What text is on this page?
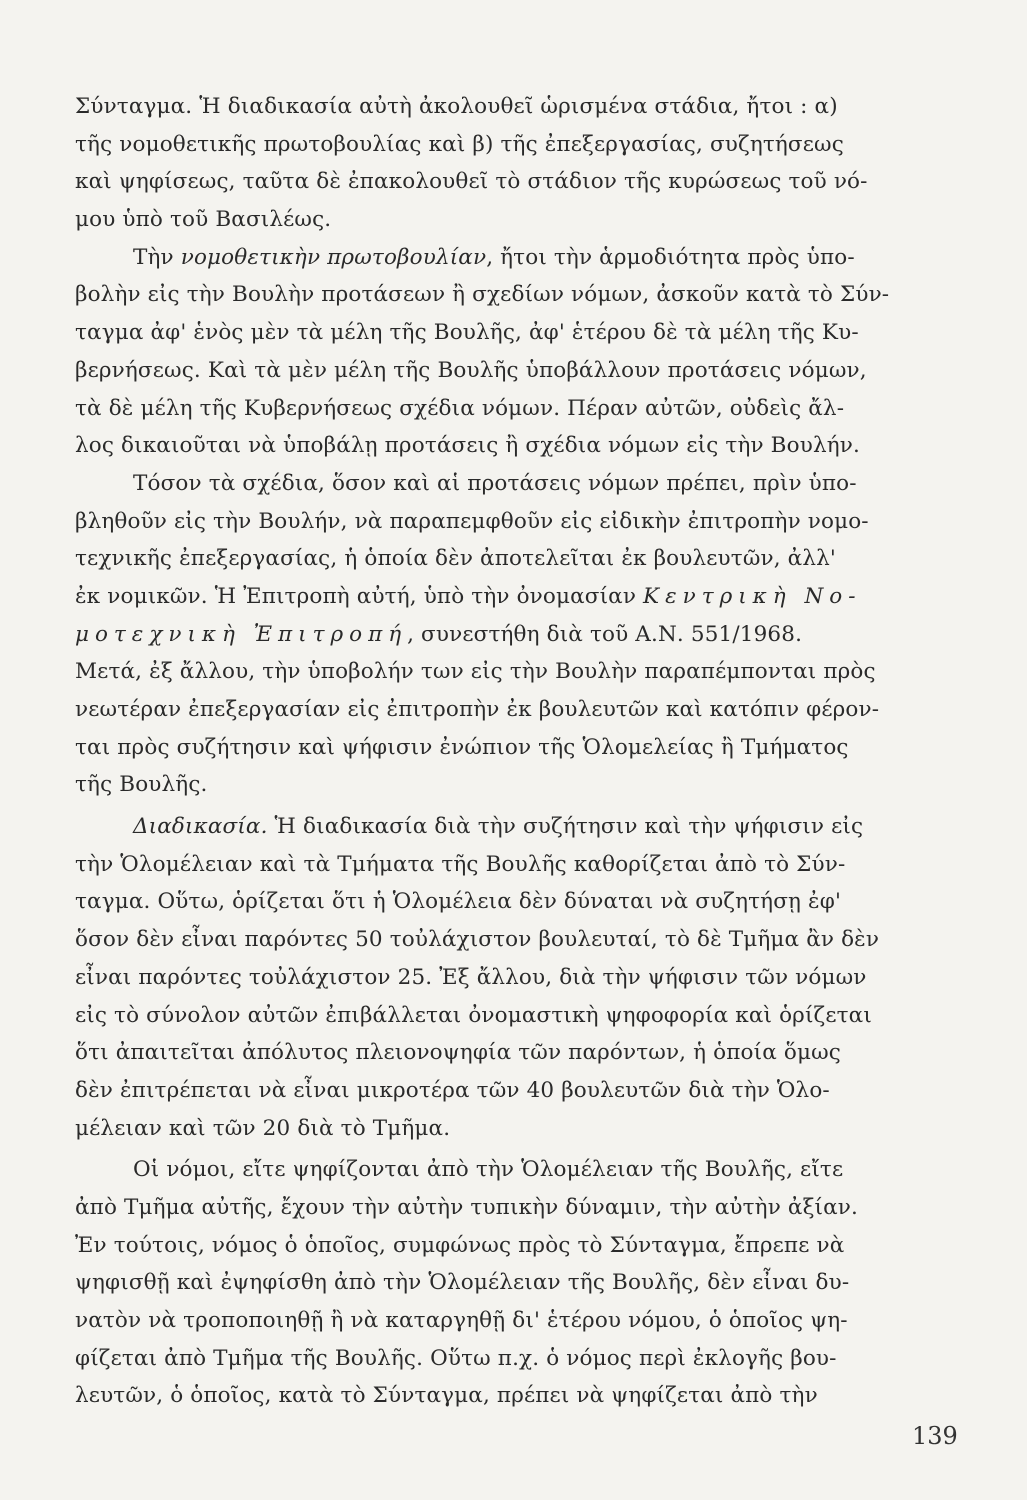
Σύνταγμα. Ἡ διαδικασία αὐτὴ ἀκολουθεῖ ὡρισμένα στάδια, ἤτοι : α)
τῆς νομοθετικῆς πρωτοβουλίας καὶ β) τῆς ἐπεξεργασίας, συζητήσεως
καὶ ψηφίσεως, ταῦτα δὲ ἐπακολουθεῖ τὸ στάδιον τῆς κυρώσεως τοῦ νό-
μου ὑπὸ τοῦ Βασιλέως.
Τὴν νομοθετικὴν πρωτοβουλίαν, ἤτοι τὴν ἁρμοδιότητα πρὸς ὑπο-
βολὴν εἰς τὴν Βουλὴν προτάσεων ἢ σχεδίων νόμων, ἀσκοῦν κατὰ τὸ Σύν-
ταγμα ἀφ' ἑνὸς μὲν τὰ μέλη τῆς Βουλῆς, ἀφ' ἑτέρου δὲ τὰ μέλη τῆς Κυ-
βερνήσεως. Καὶ τὰ μὲν μέλη τῆς Βουλῆς ὑποβάλλουν προτάσεις νόμων,
τὰ δὲ μέλη τῆς Κυβερνήσεως σχέδια νόμων. Πέραν αὐτῶν, οὐδεὶς ἄλ-
λος δικαιοῦται νὰ ὑποβάλῃ προτάσεις ἢ σχέδια νόμων εἰς τὴν Βουλήν.
Τόσον τὰ σχέδια, ὅσον καὶ αἱ προτάσεις νόμων πρέπει, πρὶν ὑπο-
βληθοῦν εἰς τὴν Βουλήν, νὰ παραπεμφθοῦν εἰς εἰδικὴν ἐπιτροπὴν νομο-
τεχνικῆς ἐπεξεργασίας, ἡ ὁποία δὲν ἀποτελεῖται ἐκ βουλευτῶν, ἀλλ'
ἐκ νομικῶν. Ἡ Ἐπιτροπὴ αὐτή, ὑπὸ τὴν ὀνομασίαν Κεντρικὴ Νο-
μοτεχνικὴ Ἐπιτροπή, συνεστήθη διὰ τοῦ Α.Ν. 551/1968.
Μετά, ἐξ ἄλλου, τὴν ὑποβολήν των εἰς τὴν Βουλὴν παραπέμπονται πρὸς
νεωτέραν ἐπεξεργασίαν εἰς ἐπιτροπὴν ἐκ βουλευτῶν καὶ κατόπιν φέρον-
ται πρὸς συζήτησιν καὶ ψήφισιν ἐνώπιον τῆς Ὁλομελείας ἢ Τμήματος
τῆς Βουλῆς.
Διαδικασία. Ἡ διαδικασία διὰ τὴν συζήτησιν καὶ τὴν ψήφισιν εἰς
τὴν Ὁλομέλειαν καὶ τὰ Τμήματα τῆς Βουλῆς καθορίζεται ἀπὸ τὸ Σύν-
ταγμα. Οὕτω, ὁρίζεται ὅτι ἡ Ὁλομέλεια δὲν δύναται νὰ συζητήσῃ ἐφ'
ὅσον δὲν εἶναι παρόντες 50 τοὐλάχιστον βουλευταί, τὸ δὲ Τμῆμα ἂν δὲν
εἶναι παρόντες τοὐλάχιστον 25. Ἐξ ἄλλου, διὰ τὴν ψήφισιν τῶν νόμων
εἰς τὸ σύνολον αὐτῶν ἐπιβάλλεται ὀνομαστικὴ ψηφοφορία καὶ ὁρίζεται
ὅτι ἀπαιτεῖται ἀπόλυτος πλειονοψηφία τῶν παρόντων, ἡ ὁποία ὅμως
δὲν ἐπιτρέπεται νὰ εἶναι μικροτέρα τῶν 40 βουλευτῶν διὰ τὴν Ὁλο-
μέλειαν καὶ τῶν 20 διὰ τὸ Τμῆμα.
Οἱ νόμοι, εἴτε ψηφίζονται ἀπὸ τὴν Ὁλομέλειαν τῆς Βουλῆς, εἴτε
ἀπὸ Τμῆμα αὐτῆς, ἔχουν τὴν αὐτὴν τυπικὴν δύναμιν, τὴν αὐτὴν ἀξίαν.
Ἐν τούτοις, νόμος ὁ ὁποῖος, συμφώνως πρὸς τὸ Σύνταγμα, ἔπρεπε νὰ
ψηφισθῇ καὶ ἐψηφίσθη ἀπὸ τὴν Ὁλομέλειαν τῆς Βουλῆς, δὲν εἶναι δυ-
νατὸν νὰ τροποποιηθῇ ἢ νὰ καταργηθῇ δι' ἑτέρου νόμου, ὁ ὁποῖος ψη-
φίζεται ἀπὸ Τμῆμα τῆς Βουλῆς. Οὕτω π.χ. ὁ νόμος περὶ ἐκλογῆς βου-
λευτῶν, ὁ ὁποῖος, κατὰ τὸ Σύνταγμα, πρέπει νὰ ψηφίζεται ἀπὸ τὴν
139
